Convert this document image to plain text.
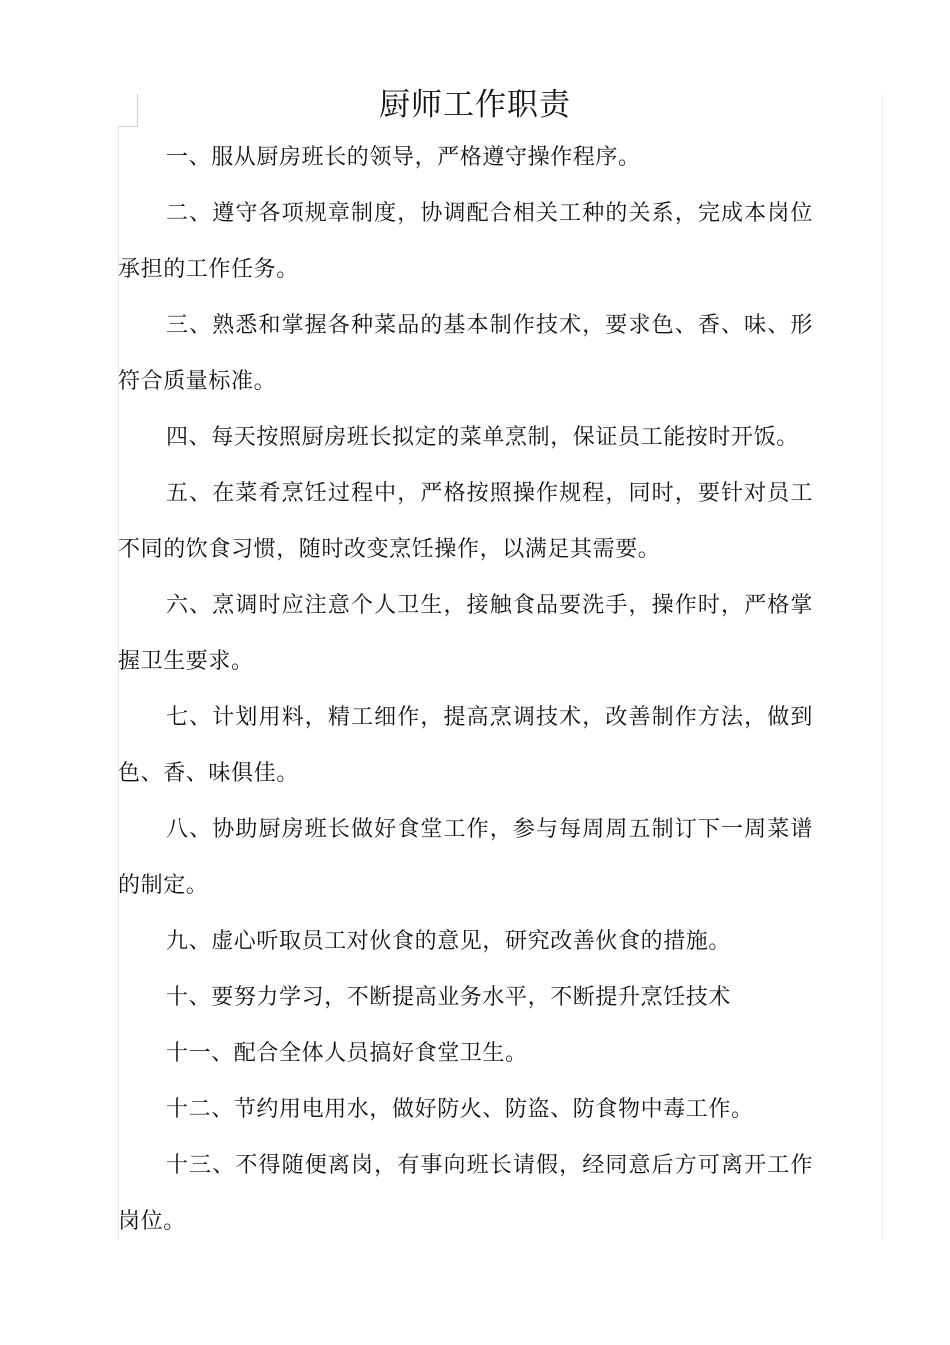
厨师工作职责

一、服从厨房班长的领导，严格遵守操作程序。

二、遵守各项规章制度，协调配合相关工种的关系，完成本岗位承担的工作任务。

三、熟悉和掌握各种菜品的基本制作技术，要求色、香、味、形符合质量标准。

四、每天按照厨房班长拟定的菜单烹制，保证员工能按时开饭。

五、在菜肴烹饪过程中，严格按照操作规程，同时，要针对员工不同的饮食习惯，随时改变烹饪操作，以满足其需要。

六、烹调时应注意个人卫生，接触食品要洗手，操作时，严格掌握卫生要求。

七、计划用料，精工细作，提高烹调技术，改善制作方法，做到色、香、味俱佳。

八、协助厨房班长做好食堂工作，参与每周周五制订下一周菜谱的制定。

九、虚心听取员工对伙食的意见，研究改善伙食的措施。

十、要努力学习，不断提高业务水平，不断提升烹饪技术

十一、配合全体人员搞好食堂卫生。

十二、节约用电用水，做好防火、防盗、防食物中毒工作。

十三、不得随便离岗，有事向班长请假，经同意后方可离开工作岗位。
